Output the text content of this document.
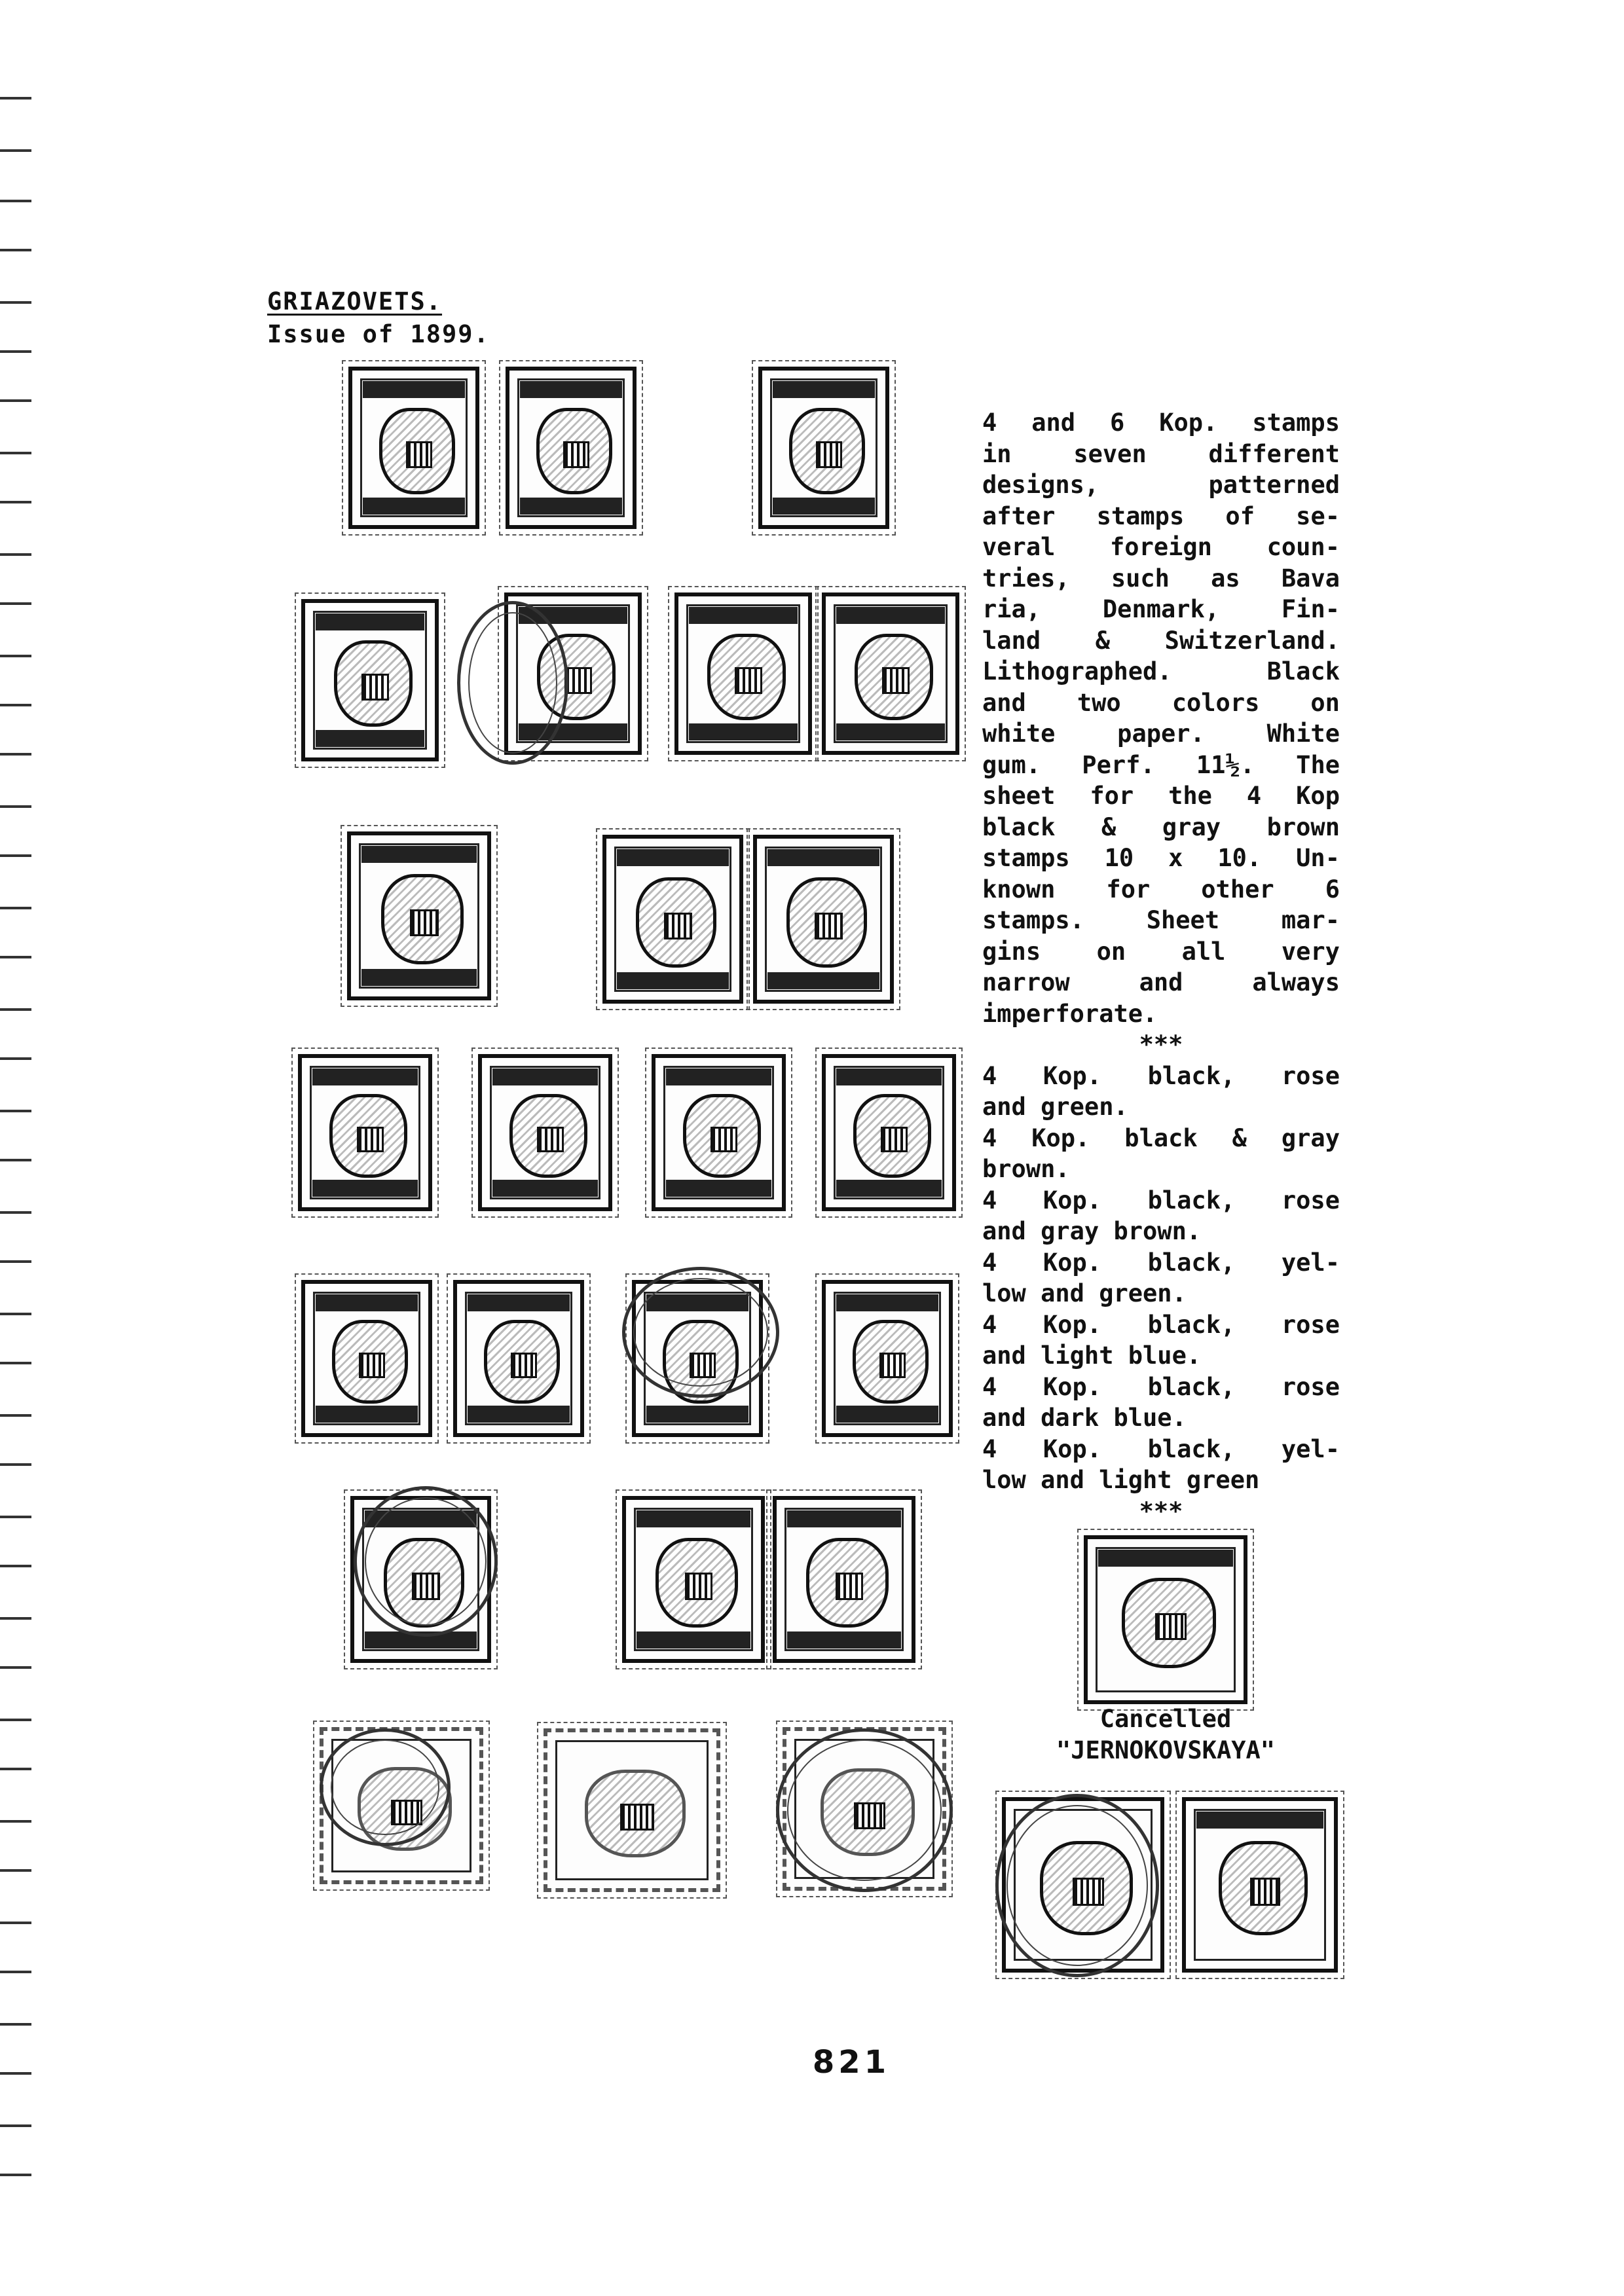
GRIAZOVETS.
Issue of 1899.
4 and 6 Kop. stamps
in	seven	different
designs,	patterned
after stamps of se-
veral foreign coun-
tries, such as Bava
ria,	Denmark,	Fin-
land & Switzerland.
Lithographed.	Black
and two colors on
white	paper.	White
gum. Perf. 11½. The
sheet for the 4 Kop
black & gray brown
stamps 10 x 10. Un-
known for other 6
stamps.	Sheet	mar-
gins on all very
narrow	and	always
imperforate.
***
4 Kop. black, rose
and green.
4 Kop. black & gray
brown.
4 Kop. black, rose
and gray brown.
4 Kop. black, yel-
low and green.
4 Kop. black, rose
and light blue.
4 Kop. black, rose
and dark blue.
4 Kop. black, yel-
low and light green
***
Cancelled
"JERNOKOVSKAYA"
821
